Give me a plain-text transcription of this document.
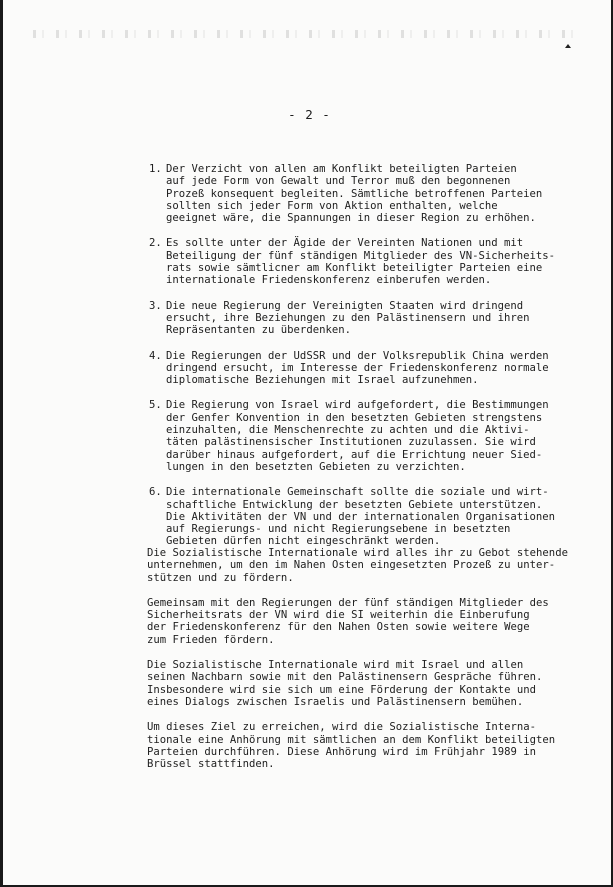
- 2 -
1. Der Verzicht von allen am Konflikt beteiligten Parteien
auf jede Form von Gewalt und Terror muß den begonnenen
Prozeß konsequent begleiten. Sämtliche betroffenen Parteien
sollten sich jeder Form von Aktion enthalten, welche
geeignet wäre, die Spannungen in dieser Region zu erhöhen.
2. Es sollte unter der Ägide der Vereinten Nationen und mit
Beteiligung der fünf ständigen Mitglieder des VN-Sicherheits-
rats sowie sämtlicner am Konflikt beteiligter Parteien eine
internationale Friedenskonferenz einberufen werden.
3. Die neue Regierung der Vereinigten Staaten wird dringend
ersucht, ihre Beziehungen zu den Palästinensern und ihren
Repräsentanten zu überdenken.
4. Die Regierungen der UdSSR und der Volksrepublik China werden
dringend ersucht, im Interesse der Friedenskonferenz normale
diplomatische Beziehungen mit Israel aufzunehmen.
5. Die Regierung von Israel wird aufgefordert, die Bestimmungen
der Genfer Konvention in den besetzten Gebieten strengstens
einzuhalten, die Menschenrechte zu achten und die Aktivi-
täten palästinensischer Institutionen zuzulassen. Sie wird
darüber hinaus aufgefordert, auf die Errichtung neuer Sied-
lungen in den besetzten Gebieten zu verzichten.
6. Die internationale Gemeinschaft sollte die soziale und wirt-
schaftliche Entwicklung der besetzten Gebiete unterstützen.
Die Aktivitäten der VN und der internationalen Organisationen
auf Regierungs- und nicht Regierungsebene in besetzten
Gebieten dürfen nicht eingeschränkt werden.
Die Sozialistische Internationale wird alles ihr zu Gebot stehende
unternehmen, um den im Nahen Osten eingesetzten Prozeß zu unter-
stützen und zu fördern.
Gemeinsam mit den Regierungen der fünf ständigen Mitglieder des
Sicherheitsrats der VN wird die SI weiterhin die Einberufung
der Friedenskonferenz für den Nahen Osten sowie weitere Wege
zum Frieden fördern.
Die Sozialistische Internationale wird mit Israel und allen
seinen Nachbarn sowie mit den Palästinensern Gespräche führen.
Insbesondere wird sie sich um eine Förderung der Kontakte und
eines Dialogs zwischen Israelis und Palästinensern bemühen.
Um dieses Ziel zu erreichen, wird die Sozialistische Interna-
tionale eine Anhörung mit sämtlichen an dem Konflikt beteiligten
Parteien durchführen. Diese Anhörung wird im Frühjahr 1989 in
Brüssel stattfinden.
